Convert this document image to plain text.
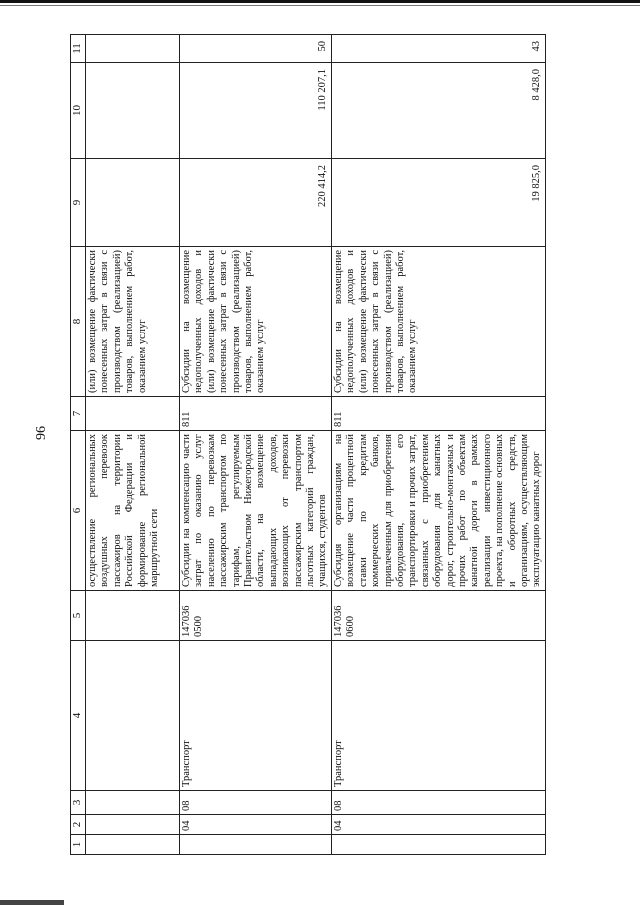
96
1	2	3	4	5	6	7	8	9	10	11
					осуществление региональных воздушных перевозок пассажиров на территории Российской Федерации и формирование региональной маршрутной сети		(или) возмещение фактически понесенных затрат в связи с производством (реализацией) товаров, выполнением работ, оказанием услуг			
	04	08	Транспорт	147036 0500	Субсидии на компенсацию части затрат по оказанию услуг населению по перевозкам пассажирским транспортом по тарифам, регулируемым Правительством Нижегородской области, на возмещение выпадающих доходов, возникающих от перевозки пассажирским транспортом льготных категорий граждан, учащихся, студентов	811	Субсидии на возмещение недополученных доходов и (или) возмещение фактически понесенных затрат в связи с производством (реализацией) товаров, выполнением работ, оказанием услуг	220 414,2	110 207,1	50
	04	08	Транспорт	147036 0600	Субсидия организациям на возмещение части процентной ставки по кредитам коммерческих банков, привлеченным для приобретения оборудования, его транспортировки и прочих затрат, связанных с приобретением оборудования для канатных дорог, строительно-монтажных и прочих работ по объектам канатной дороги в рамках реализации инвестиционного проекта, на пополнение основных и оборотных средств, организациям, осуществляющим эксплуатацию канатных дорог	811	Субсидии на возмещение недополученных доходов и (или) возмещение фактически понесенных затрат в связи с производством (реализацией) товаров, выполнением работ, оказанием услуг	19 825,0	8 428,0	43
